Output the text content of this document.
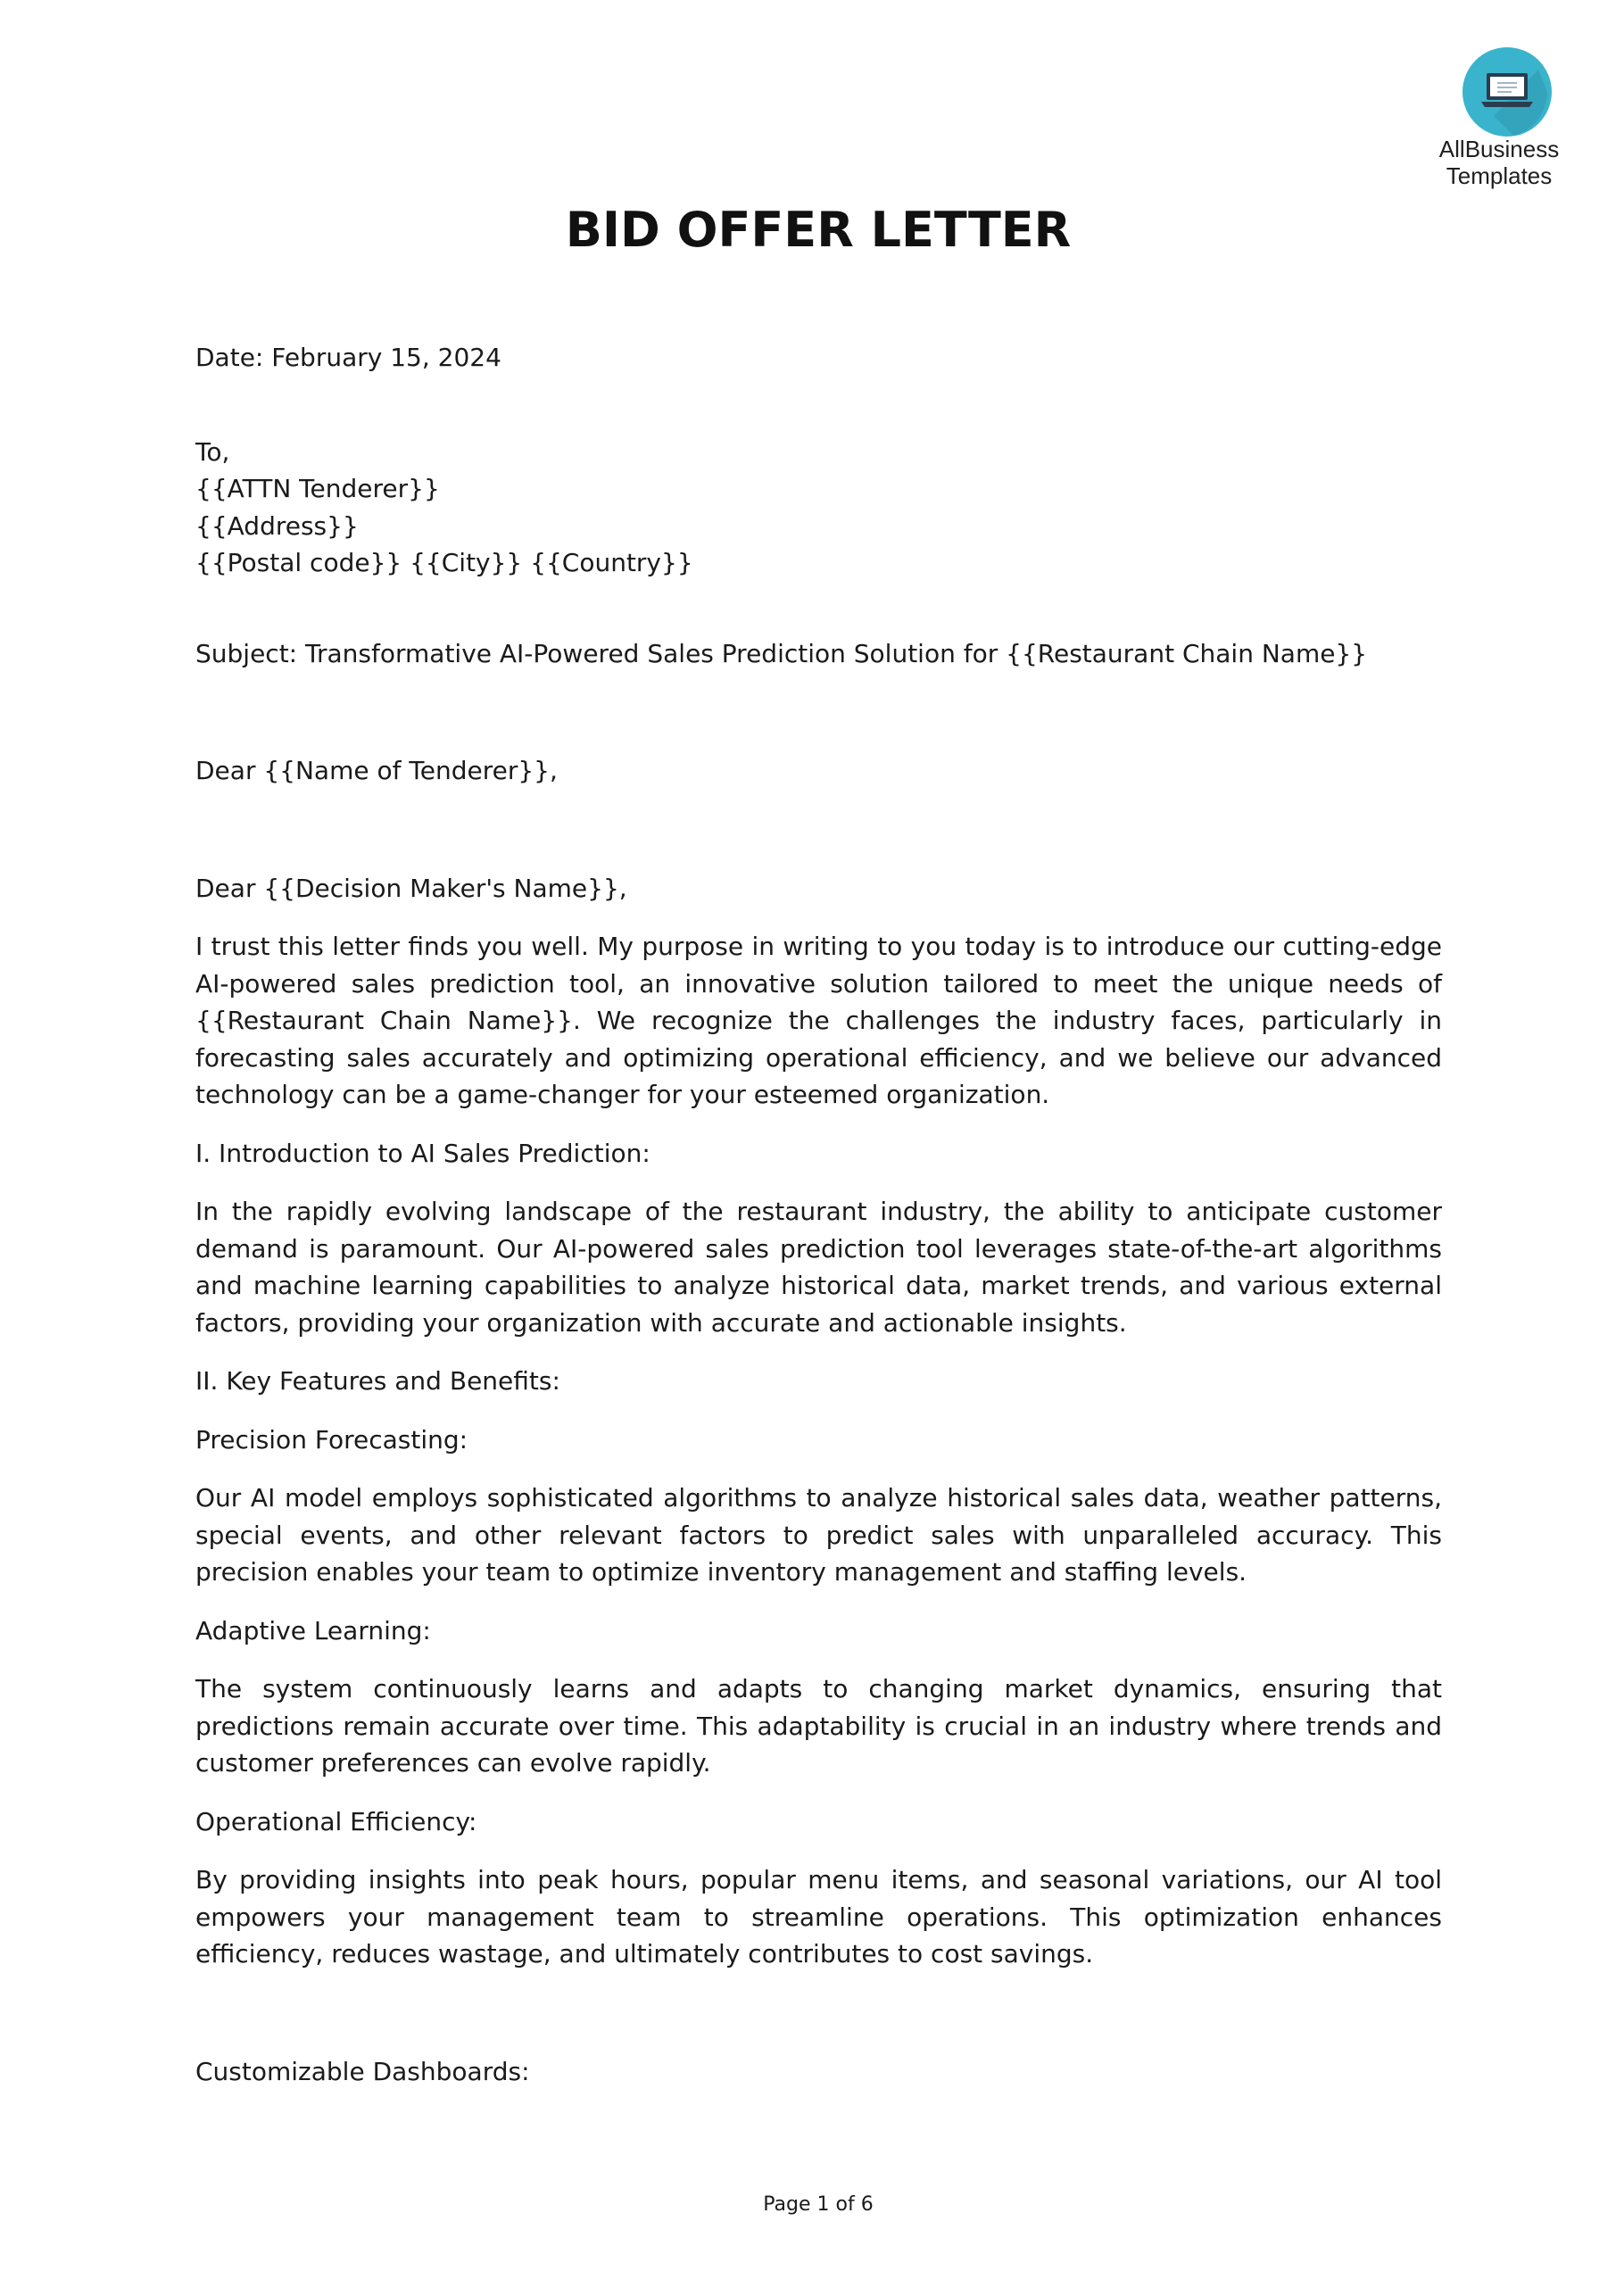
AllBusiness
Templates
BID OFFER LETTER

Date: February 15, 2024

To,

{{ATTN Tenderer}}

{{Address}}

{{Postal code}} {{City}} {{Country}}

Subject: Transformative AI-Powered Sales Prediction Solution for {{Restaurant Chain Name}}

Dear {{Name of Tenderer}},

Dear {{Decision Maker's Name}},

I trust this letter finds you well. My purpose in writing to you today is to introduce our cutting-edge AI-powered sales prediction tool, an innovative solution tailored to meet the unique needs of {{Restaurant Chain Name}}. We recognize the challenges the industry faces, particularly in forecasting sales accurately and optimizing operational efficiency, and we believe our advanced technology can be a game-changer for your esteemed organization.

I. Introduction to AI Sales Prediction:

In the rapidly evolving landscape of the restaurant industry, the ability to anticipate customer demand is paramount. Our AI-powered sales prediction tool leverages state-of-the-art algorithms and machine learning capabilities to analyze historical data, market trends, and various external factors, providing your organization with accurate and actionable insights.

II. Key Features and Benefits:

Precision Forecasting:

Our AI model employs sophisticated algorithms to analyze historical sales data, weather patterns, special events, and other relevant factors to predict sales with unparalleled accuracy. This precision enables your team to optimize inventory management and staffing levels.

Adaptive Learning:

The system continuously learns and adapts to changing market dynamics, ensuring that predictions remain accurate over time. This adaptability is crucial in an industry where trends and customer preferences can evolve rapidly.

Operational Efficiency:

By providing insights into peak hours, popular menu items, and seasonal variations, our AI tool empowers your management team to streamline operations. This optimization enhances efficiency, reduces wastage, and ultimately contributes to cost savings.

Customizable Dashboards:

Page 1 of 6
